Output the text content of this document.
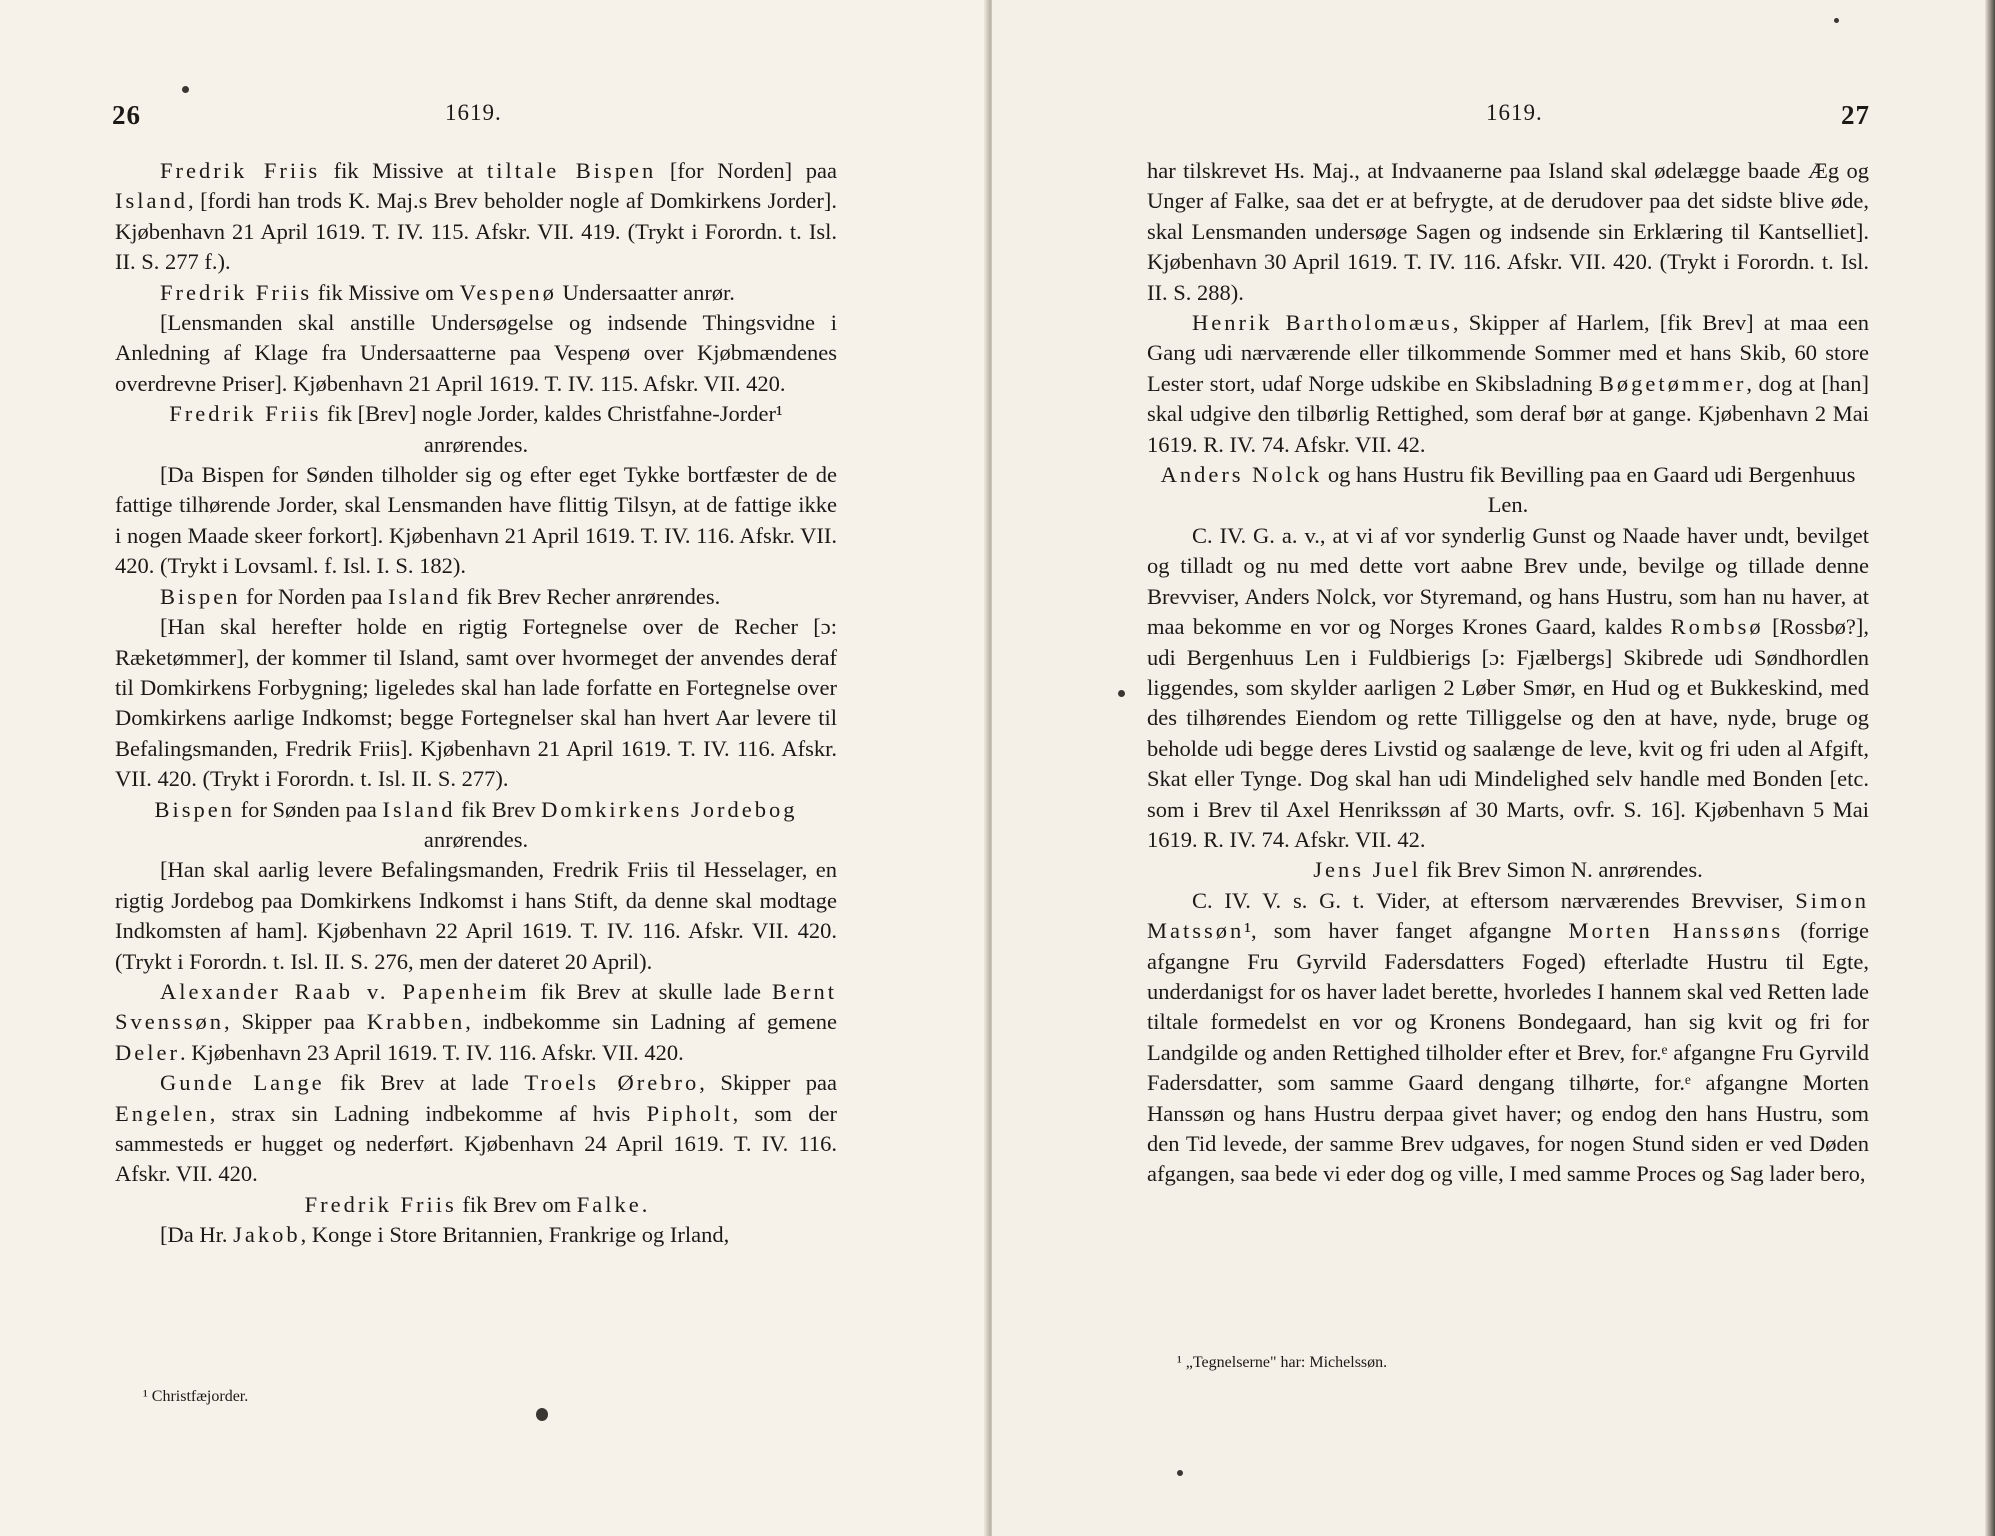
26	1619.

Fredrik Friis fik Missive at tiltale Bispen [for Norden] paa Island, [fordi han trods K. Maj.s Brev beholder nogle af Domkirkens Jorder]. Kjøbenhavn 21 April 1619. T. IV. 115. Afskr. VII. 419. (Trykt i Forordn. t. Isl. II. S. 277 f.).

Fredrik Friis fik Missive om Vespenø Undersaatter anrør.

[Lensmanden skal anstille Undersøgelse og indsende Thingsvidne i Anledning af Klage fra Undersaatterne paa Vespenø over Kjøbmændenes overdrevne Priser]. Kjøbenhavn 21 April 1619. T. IV. 115. Afskr. VII. 420.

Fredrik Friis fik [Brev] nogle Jorder, kaldes Christfahne-Jorder¹ anrørendes.

[Da Bispen for Sønden tilholder sig og efter eget Tykke bortfæster de de fattige tilhørende Jorder, skal Lensmanden have flittig Tilsyn, at de fattige ikke i nogen Maade skeer forkort]. Kjøbenhavn 21 April 1619. T. IV. 116. Afskr. VII. 420. (Trykt i Lovsaml. f. Isl. I. S. 182).

Bispen for Norden paa Island fik Brev Recher anrørendes.

[Han skal herefter holde en rigtig Fortegnelse over de Recher [ɔ: Ræketømmer], der kommer til Island, samt over hvormeget der anvendes deraf til Domkirkens Forbygning; ligeledes skal han lade forfatte en Fortegnelse over Domkirkens aarlige Indkomst; begge Fortegnelser skal han hvert Aar levere til Befalingsmanden, Fredrik Friis]. Kjøbenhavn 21 April 1619. T. IV. 116. Afskr. VII. 420. (Trykt i Forordn. t. Isl. II. S. 277).

Bispen for Sønden paa Island fik Brev Domkirkens Jordebog anrørendes.

[Han skal aarlig levere Befalingsmanden, Fredrik Friis til Hesselager, en rigtig Jordebog paa Domkirkens Indkomst i hans Stift, da denne skal modtage Indkomsten af ham]. Kjøbenhavn 22 April 1619. T. IV. 116. Afskr. VII. 420. (Trykt i Forordn. t. Isl. II. S. 276, men der dateret 20 April).

Alexander Raab v. Papenheim fik Brev at skulle lade Bernt Svenssøn, Skipper paa Krabben, indbekomme sin Ladning af gemene Deler. Kjøbenhavn 23 April 1619. T. IV. 116. Afskr. VII. 420.

Gunde Lange fik Brev at lade Troels Ørebro, Skipper paa Engelen, strax sin Ladning indbekomme af hvis Pipholt, som der sammesteds er hugget og nederført. Kjøbenhavn 24 April 1619. T. IV. 116. Afskr. VII. 420.

Fredrik Friis fik Brev om Falke.

[Da Hr. Jakob, Konge i Store Britannien, Frankrige og Irland,

¹ Christfæjorder.
1619.	27

har tilskrevet Hs. Maj., at Indvaanerne paa Island skal ødelægge baade Æg og Unger af Falke, saa det er at befrygte, at de derudover paa det sidste blive øde, skal Lensmanden undersøge Sagen og indsende sin Erklæring til Kantselliet]. Kjøbenhavn 30 April 1619. T. IV. 116. Afskr. VII. 420. (Trykt i Forordn. t. Isl. II. S. 288).

Henrik Bartholomæus, Skipper af Harlem, [fik Brev] at maa een Gang udi nærværende eller tilkommende Sommer med et hans Skib, 60 store Lester stort, udaf Norge udskibe en Skibsladning Bøgetømmer, dog at [han] skal udgive den tilbørlig Rettighed, som deraf bør at gange. Kjøbenhavn 2 Mai 1619. R. IV. 74. Afskr. VII. 42.

Anders Nolck og hans Hustru fik Bevilling paa en Gaard udi Bergenhuus Len.

C. IV. G. a. v., at vi af vor synderlig Gunst og Naade haver undt, bevilget og tilladt og nu med dette vort aabne Brev unde, bevilge og tillade denne Brevviser, Anders Nolck, vor Styremand, og hans Hustru, som han nu haver, at maa bekomme en vor og Norges Krones Gaard, kaldes Rombsø [Rossbø?], udi Bergenhuus Len i Fuldbierigs [ɔ: Fjælbergs] Skibrede udi Søndhordlen liggendes, som skylder aarligen 2 Løber Smør, en Hud og et Bukkeskind, med des tilhørendes Eiendom og rette Tilliggelse og den at have, nyde, bruge og beholde udi begge deres Livstid og saalænge de leve, kvit og fri uden al Afgift, Skat eller Tynge. Dog skal han udi Mindelighed selv handle med Bonden [etc. som i Brev til Axel Henrikssøn af 30 Marts, ovfr. S. 16]. Kjøbenhavn 5 Mai 1619. R. IV. 74. Afskr. VII. 42.

Jens Juel fik Brev Simon N. anrørendes.

C. IV. V. s. G. t. Vider, at eftersom nærværendes Brevviser, Simon Matssøn¹, som haver fanget afgangne Morten Hanssøns (forrige afgangne Fru Gyrvild Fadersdatters Foged) efterladte Hustru til Egte, underdanigst for os haver ladet berette, hvorledes I hannem skal ved Retten lade tiltale formedelst en vor og Kronens Bondegaard, han sig kvit og fri for Landgilde og anden Rettighed tilholder efter et Brev, for.ᵉ afgangne Fru Gyrvild Fadersdatter, som samme Gaard dengang tilhørte, for.ᵉ afgangne Morten Hanssøn og hans Hustru derpaa givet haver; og endog den hans Hustru, som den Tid levede, der samme Brev udgaves, for nogen Stund siden er ved Døden afgangen, saa bede vi eder dog og ville, I med samme Proces og Sag lader bero,

¹ „Tegnelserne" har: Michelssøn.
